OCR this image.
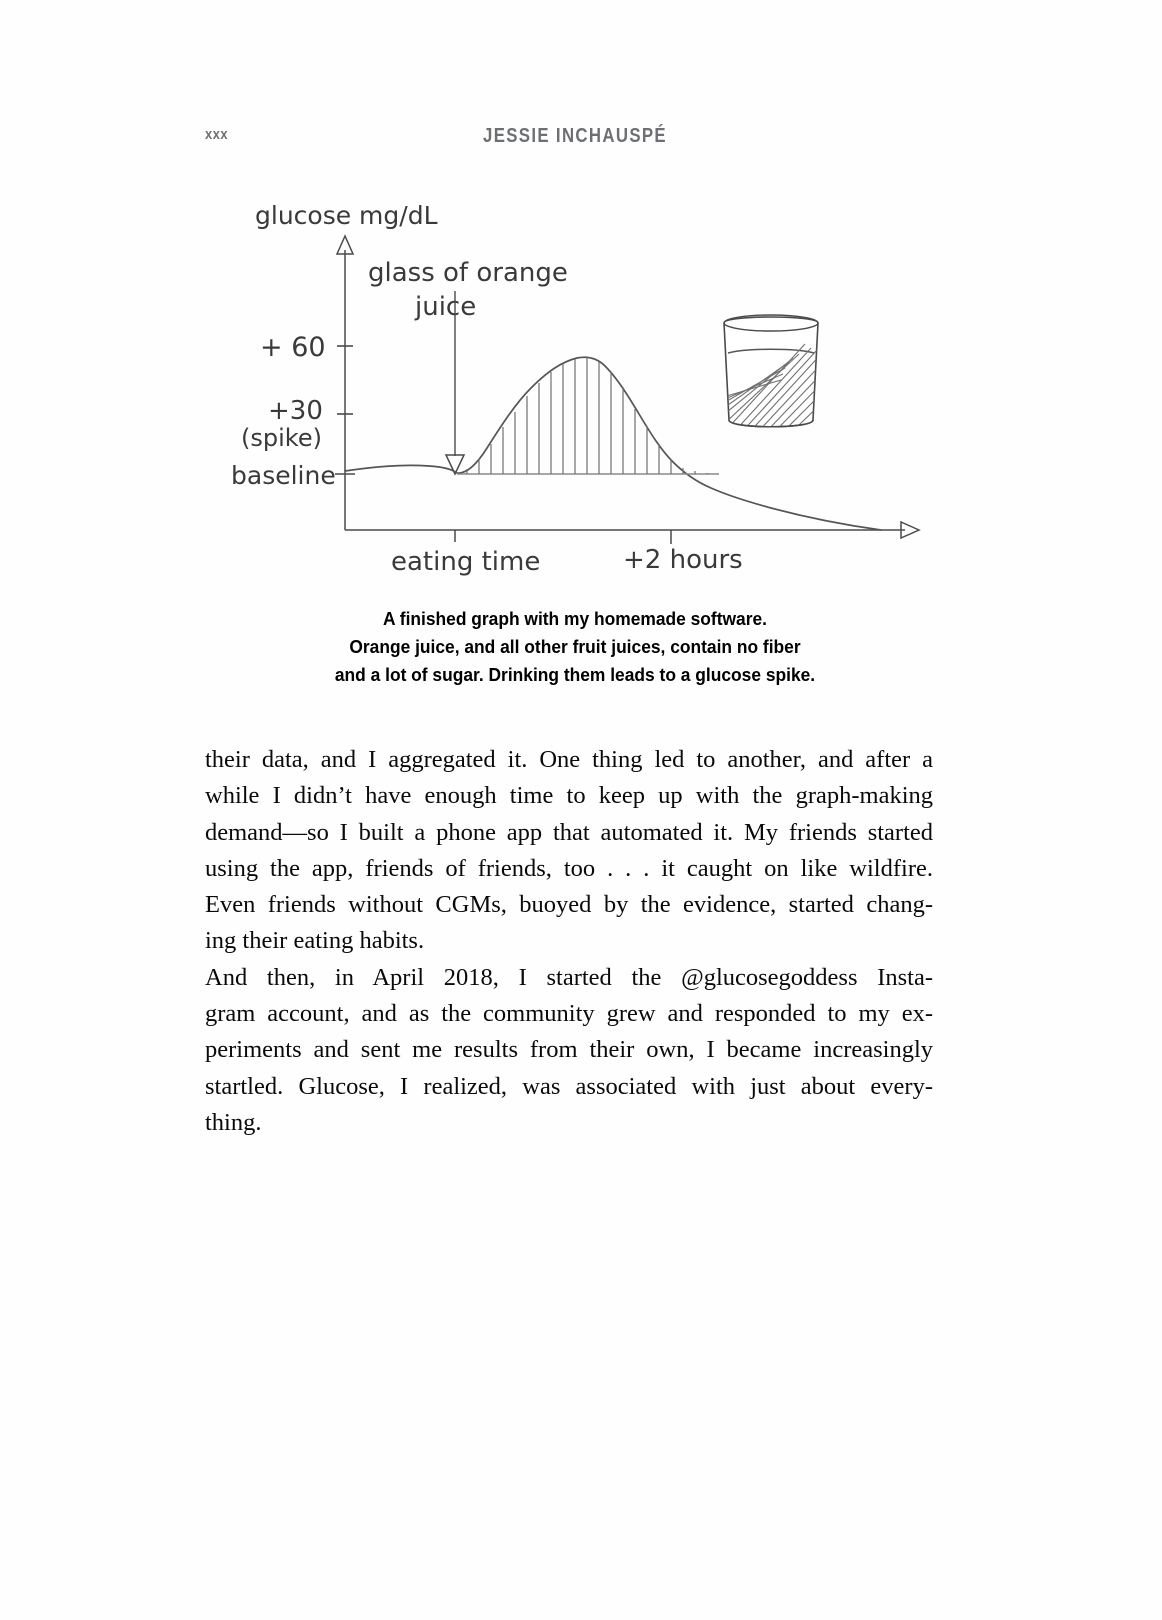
xxx	JESSIE INCHAUSPÉ
glucose mg/dL
+ 60
+30
(spike)
baseline
glass of orange
juice
eating time	+2 hours
A finished graph with my homemade software.
Orange juice, and all other fruit juices, contain no fiber
and a lot of sugar. Drinking them leads to a glucose spike.

their data, and I aggregated it. One thing led to another, and after a
while I didn’t have enough time to keep up with the graph-making
demand—so I built a phone app that automated it. My friends started
using the app, friends of friends, too . . . it caught on like wildfire.
Even friends without CGMs, buoyed by the evidence, started chang-
ing their eating habits.

And then, in April 2018, I started the @glucosegoddess Insta-
gram account, and as the community grew and responded to my ex-
periments and sent me results from their own, I became increasingly
startled. Glucose, I realized, was associated with just about every-
thing.
